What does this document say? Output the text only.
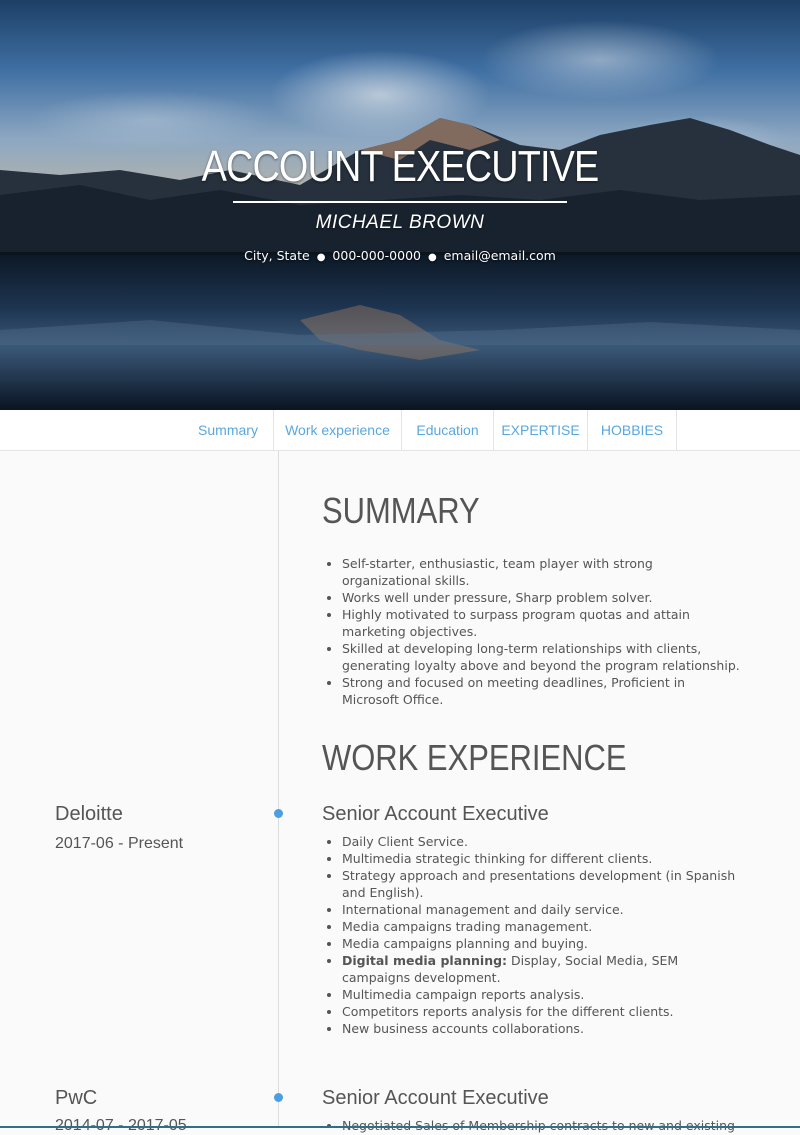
ACCOUNT EXECUTIVE
MICHAEL BROWN
City, State ● 000-000-0000 ● email@email.com
Summary	Work experience	Education	EXPERTISE	HOBBIES
SUMMARY
• Self-starter, enthusiastic, team player with strong organizational skills.
• Works well under pressure, Sharp problem solver.
• Highly motivated to surpass program quotas and attain marketing objectives.
• Skilled at developing long-term relationships with clients, generating loyalty above and beyond the program relationship.
• Strong and focused on meeting deadlines, Proficient in Microsoft Office.
WORK EXPERIENCE
Deloitte
2017-06 - Present
Senior Account Executive
• Daily Client Service.
• Multimedia strategic thinking for different clients.
• Strategy approach and presentations development (in Spanish and English).
• International management and daily service.
• Media campaigns trading management.
• Media campaigns planning and buying.
• Digital media planning: Display, Social Media, SEM campaigns development.
• Multimedia campaign reports analysis.
• Competitors reports analysis for the different clients.
• New business accounts collaborations.
PwC	Senior Account Executive
•
